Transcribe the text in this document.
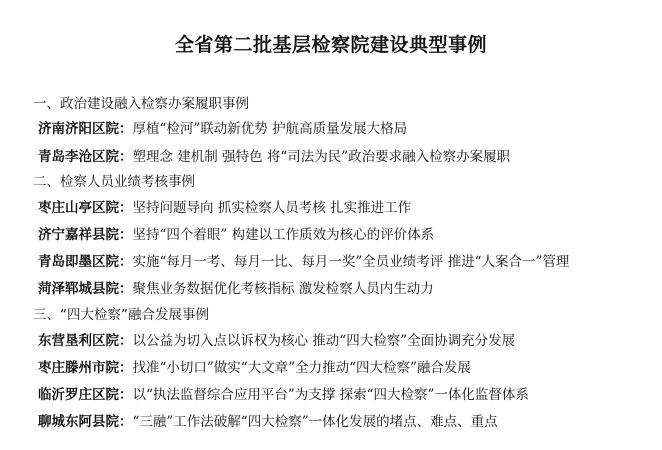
全省第二批基层检察院建设典型事例
一、政治建设融入检察办案履职事例
济南济阳区院：厚植“检河”联动新优势 护航高质量发展大格局
青岛李沧区院：塑理念 建机制 强特色 将“司法为民”政治要求融入检察办案履职
二、检察人员业绩考核事例
枣庄山亭区院：坚持问题导向 抓实检察人员考核 扎实推进工作
济宁嘉祥县院：坚持“四个着眼” 构建以工作质效为核心的评价体系
青岛即墨区院：实施“每月一考、每月一比、每月一奖”全员业绩考评 推进“人案合一”管理
菏泽郓城县院：聚焦业务数据优化考核指标 激发检察人员内生动力
三、“四大检察”融合发展事例
东营垦利区院：以公益为切入点以诉权为核心 推动“四大检察”全面协调充分发展
枣庄滕州市院：找准“小切口”做实“大文章”全力推动“四大检察”融合发展
临沂罗庄区院：以“执法监督综合应用平台”为支撑 探索“四大检察”一体化监督体系
聊城东阿县院：“三融”工作法破解“四大检察”一体化发展的堵点、难点、重点
